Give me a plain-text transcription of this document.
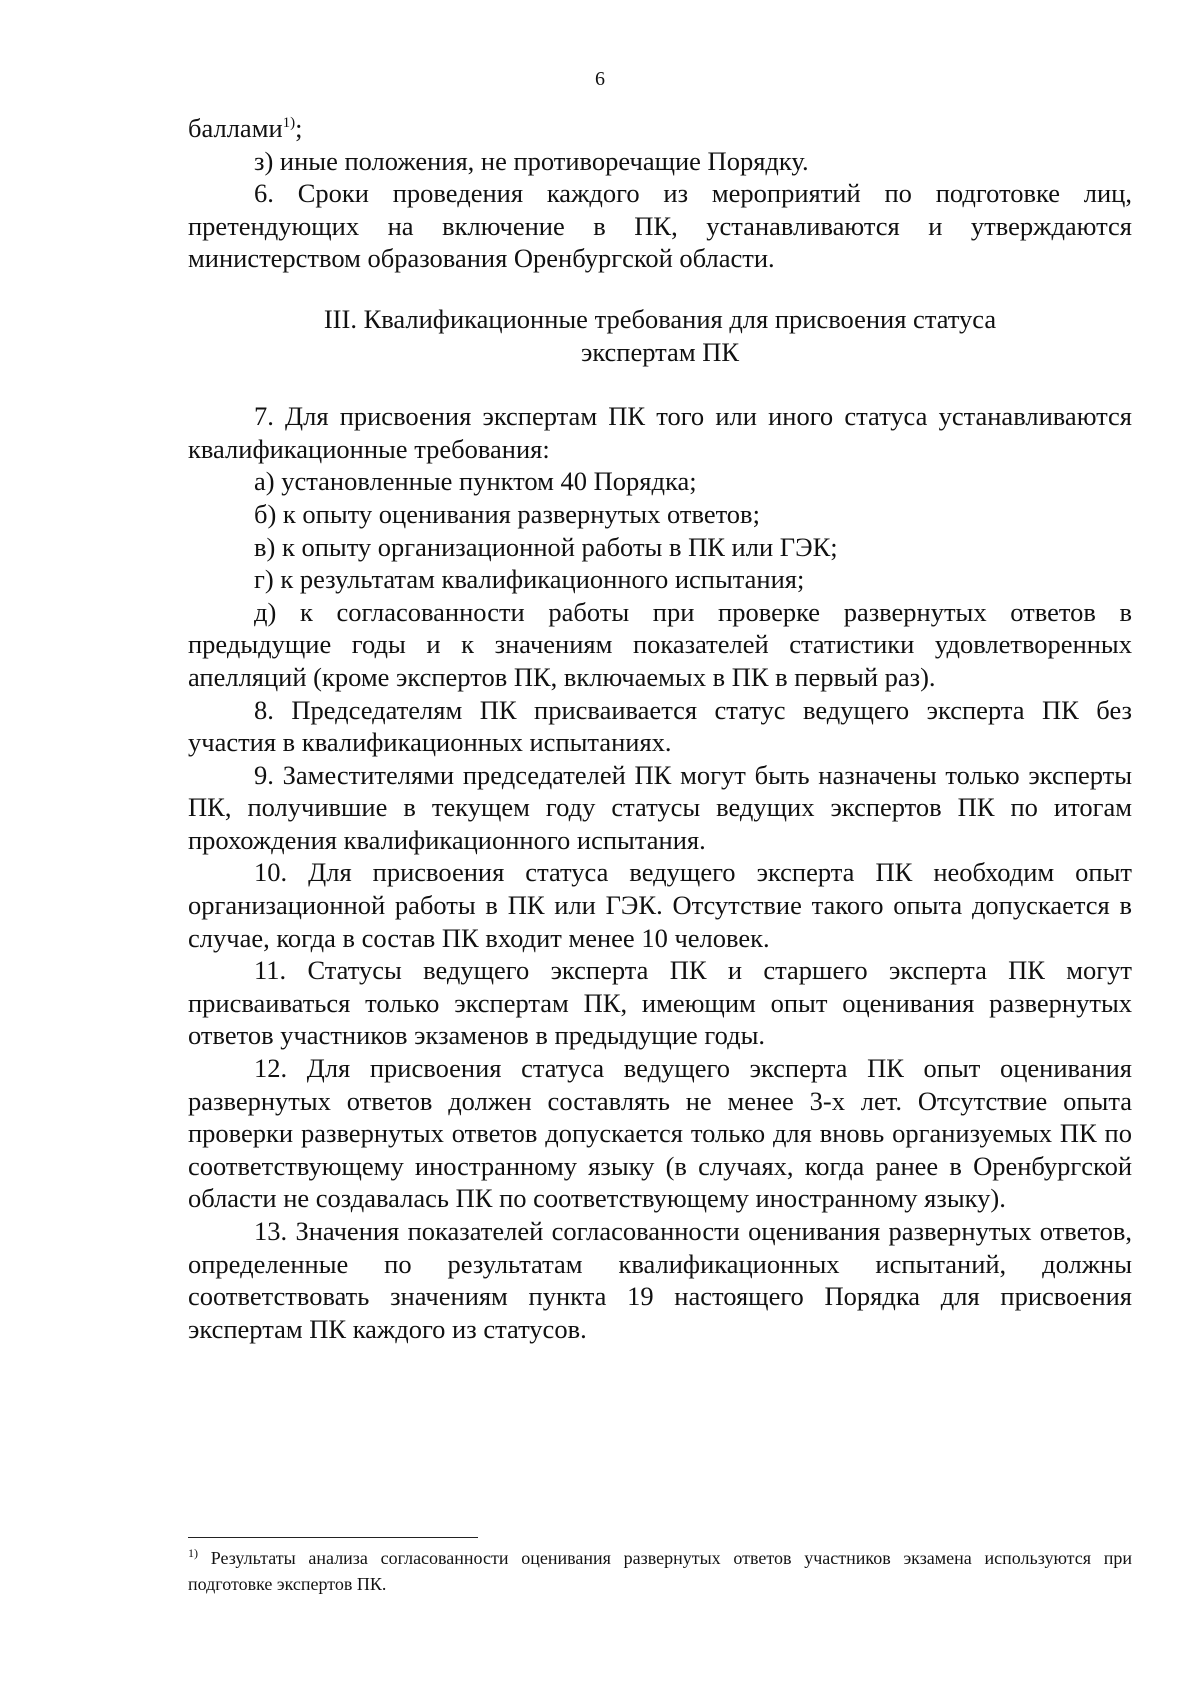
6

баллами$^{1)}$;

з) иные положения, не противоречащие Порядку.

6. Сроки проведения каждого из мероприятий по подготовке лиц, претендующих на включение в ПК, устанавливаются и утверждаются министерством образования Оренбургской области.

III. Квалификационные требования для присвоения статуса
экспертам ПК

7. Для присвоения экспертам ПК того или иного статуса устанавливаются квалификационные требования:

а) установленные пунктом 40 Порядка;

б) к опыту оценивания развернутых ответов;

в) к опыту организационной работы в ПК или ГЭК;

г) к результатам квалификационного испытания;

д) к согласованности работы при проверке развернутых ответов в предыдущие годы и к значениям показателей статистики удовлетворенных апелляций (кроме экспертов ПК, включаемых в ПК в первый раз).

8. Председателям ПК присваивается статус ведущего эксперта ПК без участия в квалификационных испытаниях.

9. Заместителями председателей ПК могут быть назначены только эксперты ПК, получившие в текущем году статусы ведущих экспертов ПК по итогам прохождения квалификационного испытания.

10. Для присвоения статуса ведущего эксперта ПК необходим опыт организационной работы в ПК или ГЭК. Отсутствие такого опыта допускается в случае, когда в состав ПК входит менее 10 человек.

11. Статусы ведущего эксперта ПК и старшего эксперта ПК могут присваиваться только экспертам ПК, имеющим опыт оценивания развернутых ответов участников экзаменов в предыдущие годы.

12. Для присвоения статуса ведущего эксперта ПК опыт оценивания развернутых ответов должен составлять не менее 3-х лет. Отсутствие опыта проверки развернутых ответов допускается только для вновь организуемых ПК по соответствующему иностранному языку (в случаях, когда ранее в Оренбургской области не создавалась ПК по соответствующему иностранному языку).

13. Значения показателей согласованности оценивания развернутых ответов, определенные по результатам квалификационных испытаний, должны соответствовать значениям пункта 19 настоящего Порядка для присвоения экспертам ПК каждого из статусов.

$^{1)}$ Результаты анализа согласованности оценивания развернутых ответов участников экзамена используются при подготовке экспертов ПК.
